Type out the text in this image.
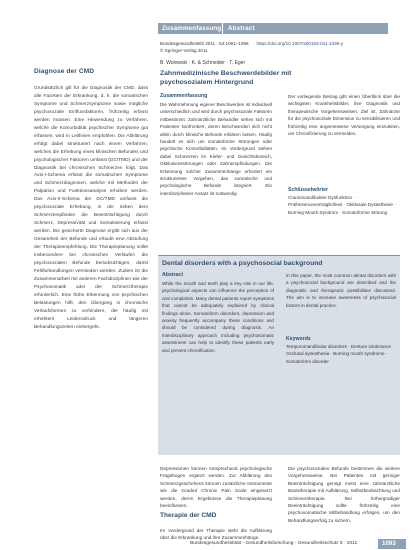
Diagnose der CMD
Grundsätzlich gilt für die Diagnostik der CMD, dass alle Facetten der Erkrankung, d. h. die somatischen Symptome und Schmerzsymptome sowie mögliche psychosoziale Einflussfaktoren, frühzeitig erfasst werden müssen. Eine Hinwendung zu Verfahren, welche die Komorbidität psychischer Symptome gut erfassen, wird in Leitlinien empfohlen. Die Abklärung erfolgt dabei strukturiert nach einem Verfahren, welches die Erhebung eines klinischen Befundes und psychologischer Faktoren umfasst (DC/TMD) und der Diagnostik bei chronischen Schmerzen folgt. Das Axis-I-Schema erfasst die somatischen Symptome und Schmerzdiagnosen, welche mit Methoden der Palpation und Funktionsanalyse erhoben werden. Das Axis-II-Schema der DC/TMD umfasst die psychosoziale Erhebung, in der neben dem Schmerzempfinden die Beeinträchtigung durch Schmerz, Depressivität und Somatisierung erfasst werden. Die gesicherte Diagnose ergibt sich aus der Gesamtheit der Befunde und erlaubt eine Abstufung der Therapieempfehlung. Die Therapieplanung sollte insbesondere bei chronischen Verläufen die psychosozialen Befunde berücksichtigen, damit Fehlbehandlungen vermieden werden. Zudem ist die Zusammenarbeit mit anderen Fachdisziplinen wie der Psychosomatik oder der Schmerztherapie erforderlich. Eine frühe Erkennung von psychischen Belastungen hilft, den Übergang in chronische Verlaufsformen zu verhindern, der häufig mit erhöhtem Leidensdruck und längeren Behandlungszeiten einhergeht.
Zusammenfassung Abstract
Bundesgesundheitsbl 2011 · 54:1091–1098 https://doi.org/10.1007/s00103-011-1336-y
© Springer-Verlag 2011
B. Wolowski · K. & Schneider · T. Eger
Zahnmedizinische Beschwerdebilder mit psychosozialem Hintergrund
Zusammenfassung
Die Wahrnehmung eigener Beschwerden ist individuell unterschiedlich und wird durch psychosoziale Faktoren mitbestimmt. Zahnärztliche Behandler sehen sich mit Patienten konfrontiert, deren Beschwerden sich nicht allein durch klinische Befunde erklären lassen. Häufig handelt es sich um somatoforme Störungen oder psychische Komorbiditäten. Im Vordergrund stehen dabei Schmerzen im Kiefer- und Gesichtsbereich, Okklusionsstörungen oder Zahnempfindungen. Die Erkennung solcher Zusammenhänge erfordert ein strukturiertes Vorgehen, das somatische und psychologische Befunde integriert. Ein interdisziplinärer Ansatz ist notwendig.
Der vorliegende Beitrag gibt einen Überblick über die wichtigsten Krankheitsbilder, ihre Diagnostik und therapeutische Vorgehensweisen. Ziel ist, Zahnärzte für die psychosoziale Dimension zu sensibilisieren und frühzeitig eine angemessene Versorgung einzuleiten, um Chronifizierung zu vermeiden.
Schlüsselwörter
Craniomandibuläre Dysfunktion · Prothesenunverträglichkeit · Okklusale Dysästhesie · Burning-Mouth-Syndrom · Somatoforme Störung
Dental disorders with a psychosocial background
Abstract
While the mouth and teeth play a key role in our life, psychological aspects can influence the perception of oral complaints. Many dental patients report symptoms that cannot be adequately explained by clinical findings alone. Somatoform disorders, depression and anxiety frequently accompany these conditions and should be considered during diagnosis. An interdisciplinary approach including psychosomatic assessment can help to identify these patients early and prevent chronification.
In this paper, the most common dental disorders with a psychosocial background are described and the diagnostic and therapeutic possibilities discussed. The aim is to increase awareness of psychosocial factors in dental practice.
Keywords
Temporomandibular disorders · Denture intolerance · Occlusal dysesthesia · Burning mouth syndrome · Somatoform disorder
Depressionen können entsprechend psychologische Fragebogen ergänzt werden. Zur Abklärung des Schmerzgeschehens können zusätzliche Instrumente wie die Graded Chronic Pain Scale eingesetzt werden, deren Ergebnisse die Therapieplanung beeinflussen.
Therapie der CMD
Im Vordergrund der Therapie steht die Aufklärung über die Erkrankung und ihre Zusammenhänge.
Die psychosozialen Befunde bestimmen die weitere Vorgehensweise. Bei Patienten mit geringer Beeinträchtigung genügt meist eine zahnärztliche Basistherapie mit Aufklärung, Selbstbeobachtung und Schienentherapie. Bei höhergradiger Beeinträchtigung sollte frühzeitig eine psychosomatische Mitbehandlung erfolgen, um den Behandlungserfolg zu sichern.
Bundesgesundheitsblatt - Gesundheitsforschung - Gesundheitsschutz 9 · 2011	1093
